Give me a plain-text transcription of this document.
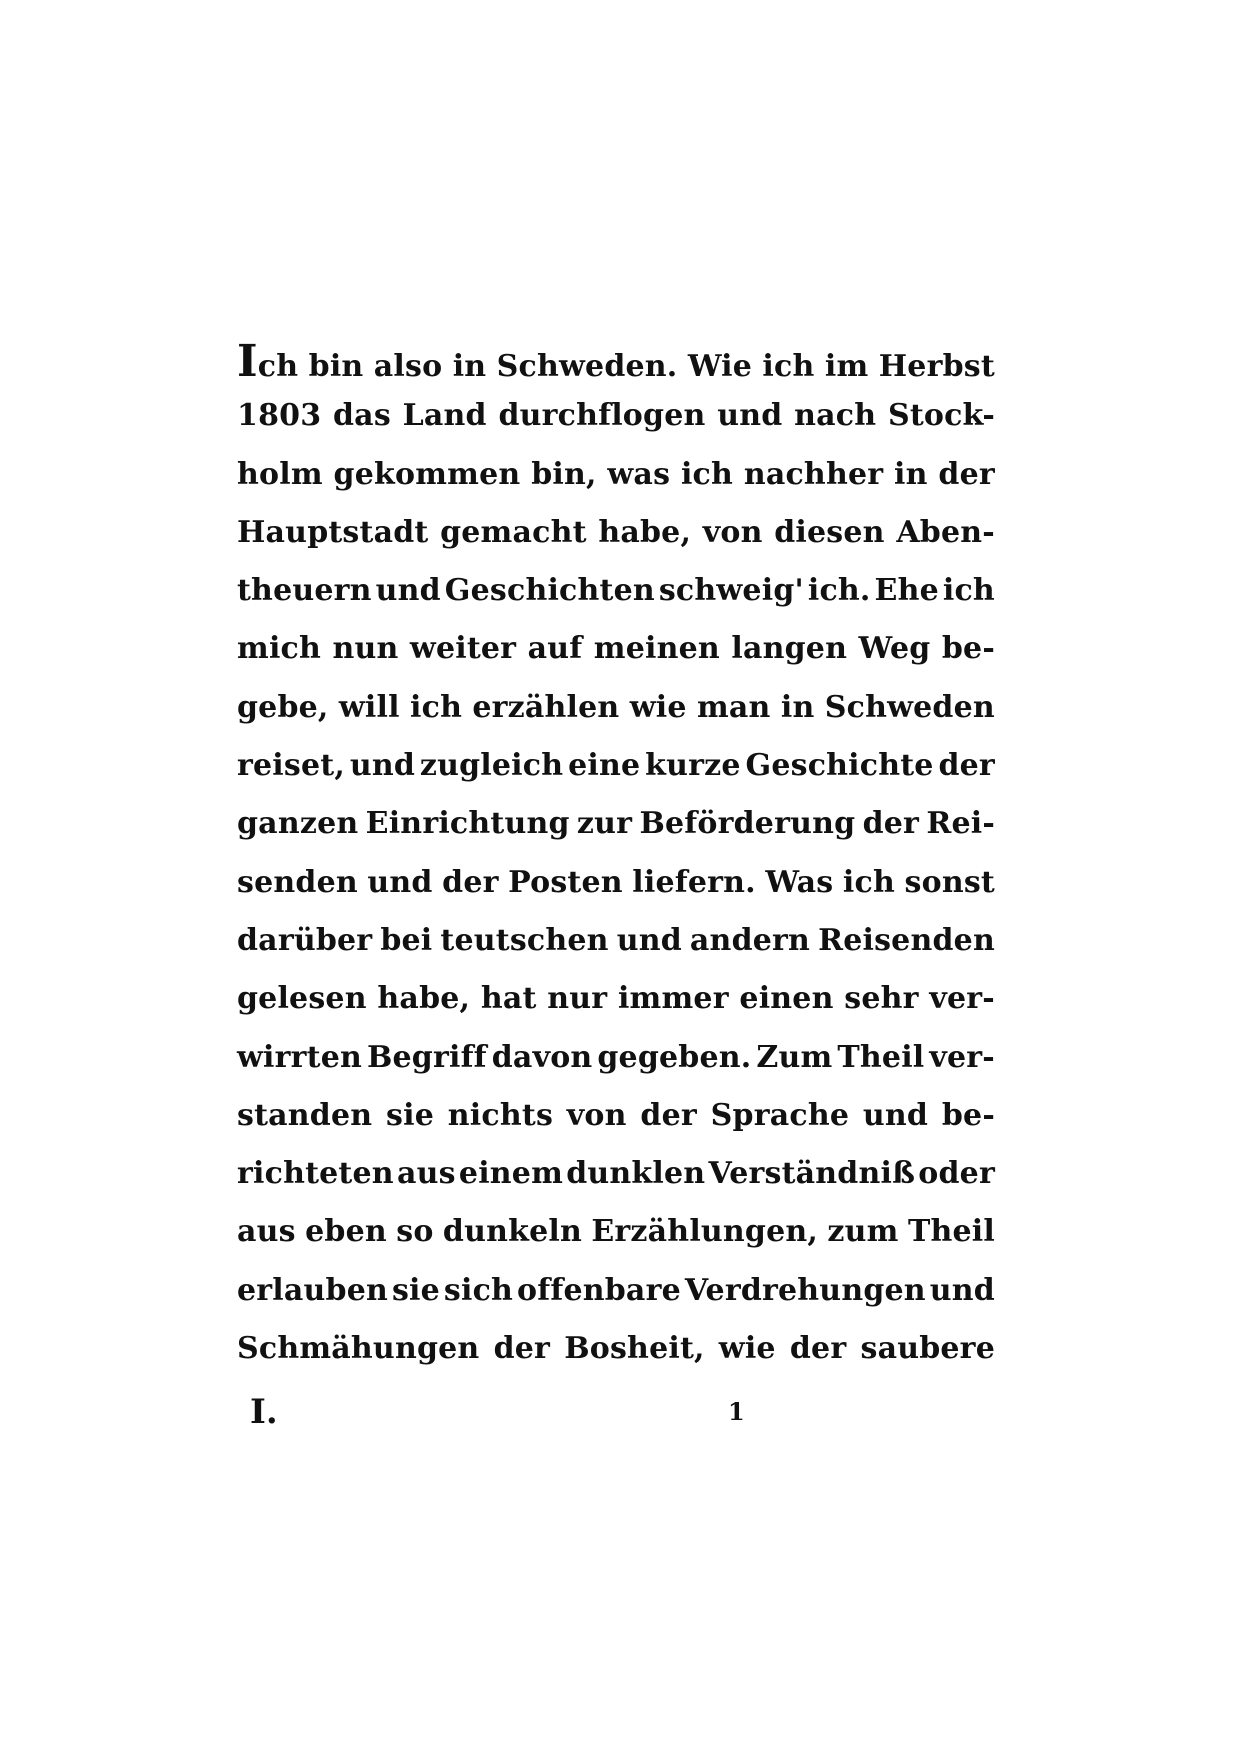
Ich bin also in Schweden. Wie ich im Herbst
1803 das Land durchflogen und nach Stock-
holm gekommen bin, was ich nachher in der
Hauptstadt gemacht habe, von diesen Aben-
theuern und Geschichten schweig' ich. Ehe ich
mich nun weiter auf meinen langen Weg be-
gebe, will ich erzählen wie man in Schweden
reiset, und zugleich eine kurze Geschichte der
ganzen Einrichtung zur Beförderung der Rei-
senden und der Posten liefern. Was ich sonst
darüber bei teutschen und andern Reisenden
gelesen habe, hat nur immer einen sehr ver-
wirrten Begriff davon gegeben. Zum Theil ver-
standen sie nichts von der Sprache und be-
richteten aus einem dunklen Verständniß oder
aus eben so dunkeln Erzählungen, zum Theil
erlauben sie sich offenbare Verdrehungen und
Schmähungen der Bosheit, wie der saubere
I.	1
